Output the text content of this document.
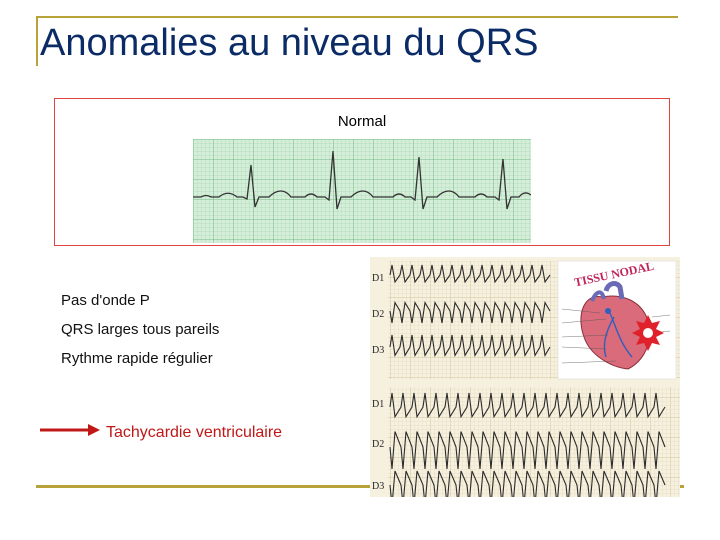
Anomalies au niveau du QRS
Normal
Pas d'onde P
QRS larges tous pareils
Rythme rapide régulier
Tachycardie ventriculaire
D1
D2
D3
D1
D2
D3
TISSU NODAL
